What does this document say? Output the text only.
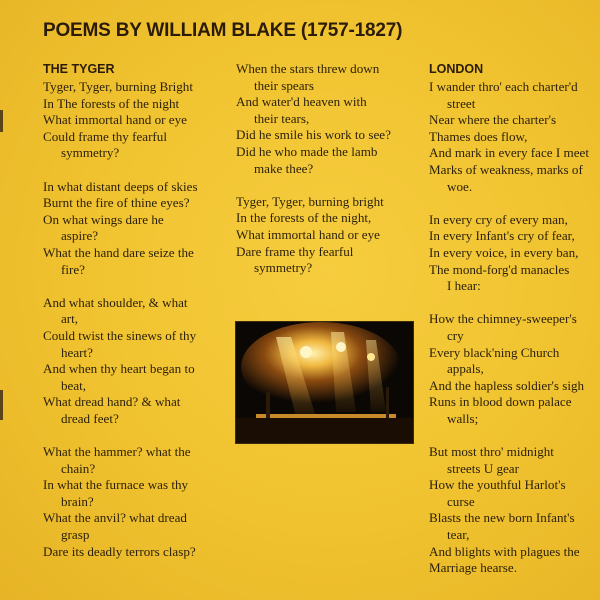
POEMS BY WILLIAM BLAKE (1757-1827)
THE TYGER
Tyger, Tyger, burning Bright
In The forests of the night
What immortal hand or eye
Could frame thy fearful
symmetry?
In what distant deeps of skies
Burnt the fire of thine eyes?
On what wings dare he
aspire?
What the hand dare seize the
fire?
And what shoulder, & what
art,
Could twist the sinews of thy
heart?
And when thy heart began to
beat,
What dread hand? & what
dread feet?
What the hammer? what the
chain?
In what the furnace was thy
brain?
What the anvil? what dread
grasp
Dare its deadly terrors clasp?
When the stars threw down
their spears
And water'd heaven with
their tears,
Did he smile his work to see?
Did he who made the lamb
make thee?
Tyger, Tyger, burning bright
In the forests of the night,
What immortal hand or eye
Dare frame thy fearful
symmetry?
LONDON
I wander thro' each charter'd
street
Near where the charter's
Thames does flow,
And mark in every face I meet
Marks of weakness, marks of
woe.
In every cry of every man,
In every Infant's cry of fear,
In every voice, in every ban,
The mond-forg'd manacles
I hear:
How the chimney-sweeper's
cry
Every black'ning Church
appals,
And the hapless soldier's sigh
Runs in blood down palace
walls;
But most thro' midnight
streets U gear
How the youthful Harlot's
curse
Blasts the new born Infant's
tear,
And blights with plagues the
Marriage hearse.
